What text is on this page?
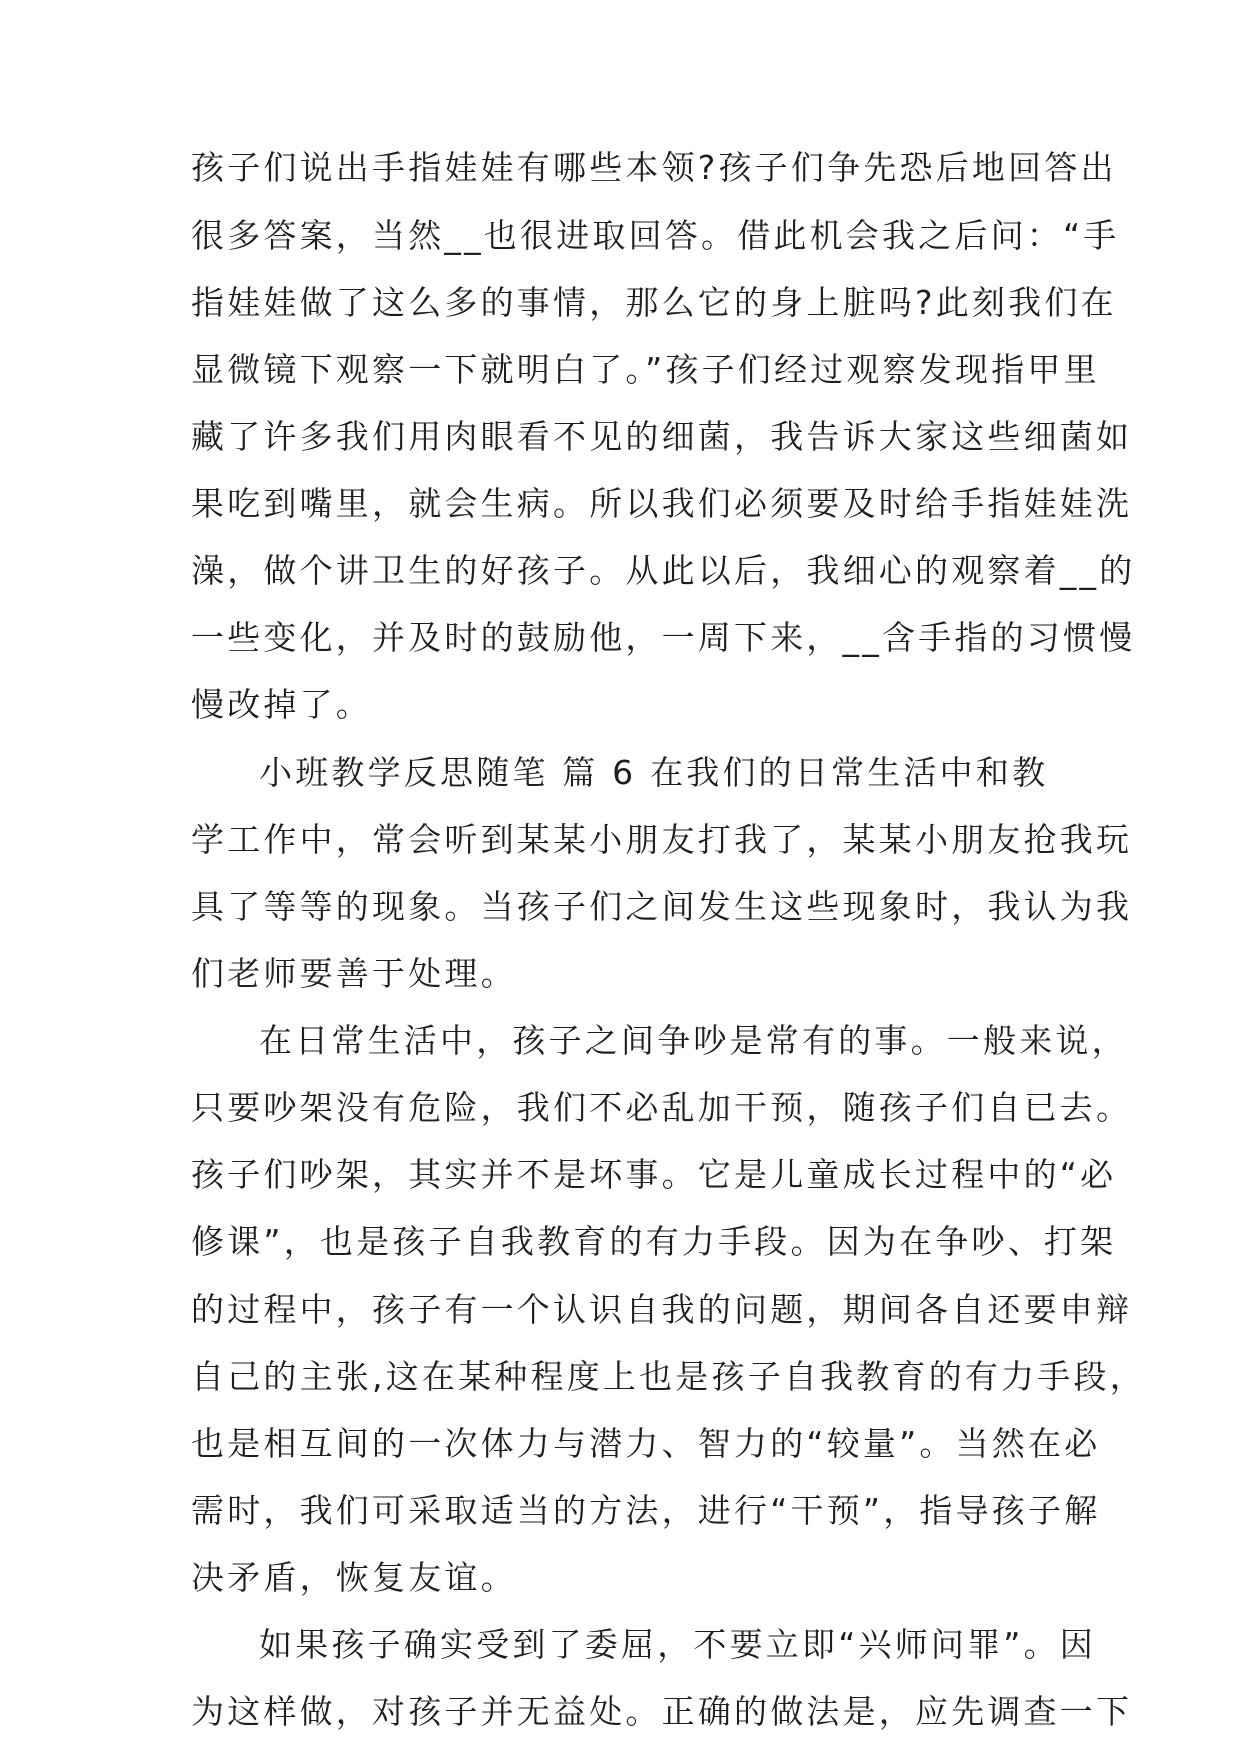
孩子们说出手指娃娃有哪些本领?孩子们争先恐后地回答出
很多答案，当然__也很进取回答。借此机会我之后问：“手
指娃娃做了这么多的事情，那么它的身上脏吗?此刻我们在
显微镜下观察一下就明白了。”孩子们经过观察发现指甲里
藏了许多我们用肉眼看不见的细菌，我告诉大家这些细菌如
果吃到嘴里，就会生病。所以我们必须要及时给手指娃娃洗
澡，做个讲卫生的好孩子。从此以后，我细心的观察着__的
一些变化，并及时的鼓励他，一周下来，__含手指的习惯慢
慢改掉了。
小班教学反思随笔 篇 6 在我们的日常生活中和教
学工作中，常会听到某某小朋友打我了，某某小朋友抢我玩
具了等等的现象。当孩子们之间发生这些现象时，我认为我
们老师要善于处理。
在日常生活中，孩子之间争吵是常有的事。一般来说，
只要吵架没有危险，我们不必乱加干预，随孩子们自已去。
孩子们吵架，其实并不是坏事。它是儿童成长过程中的“必
修课”，也是孩子自我教育的有力手段。因为在争吵、打架
的过程中，孩子有一个认识自我的问题，期间各自还要申辩
自己的主张,这在某种程度上也是孩子自我教育的有力手段，
也是相互间的一次体力与潜力、智力的“较量”。当然在必
需时，我们可采取适当的方法，进行“干预”，指导孩子解
决矛盾，恢复友谊。
如果孩子确实受到了委屈，不要立即“兴师问罪”。因
为这样做，对孩子并无益处。正确的做法是，应先调查一下
